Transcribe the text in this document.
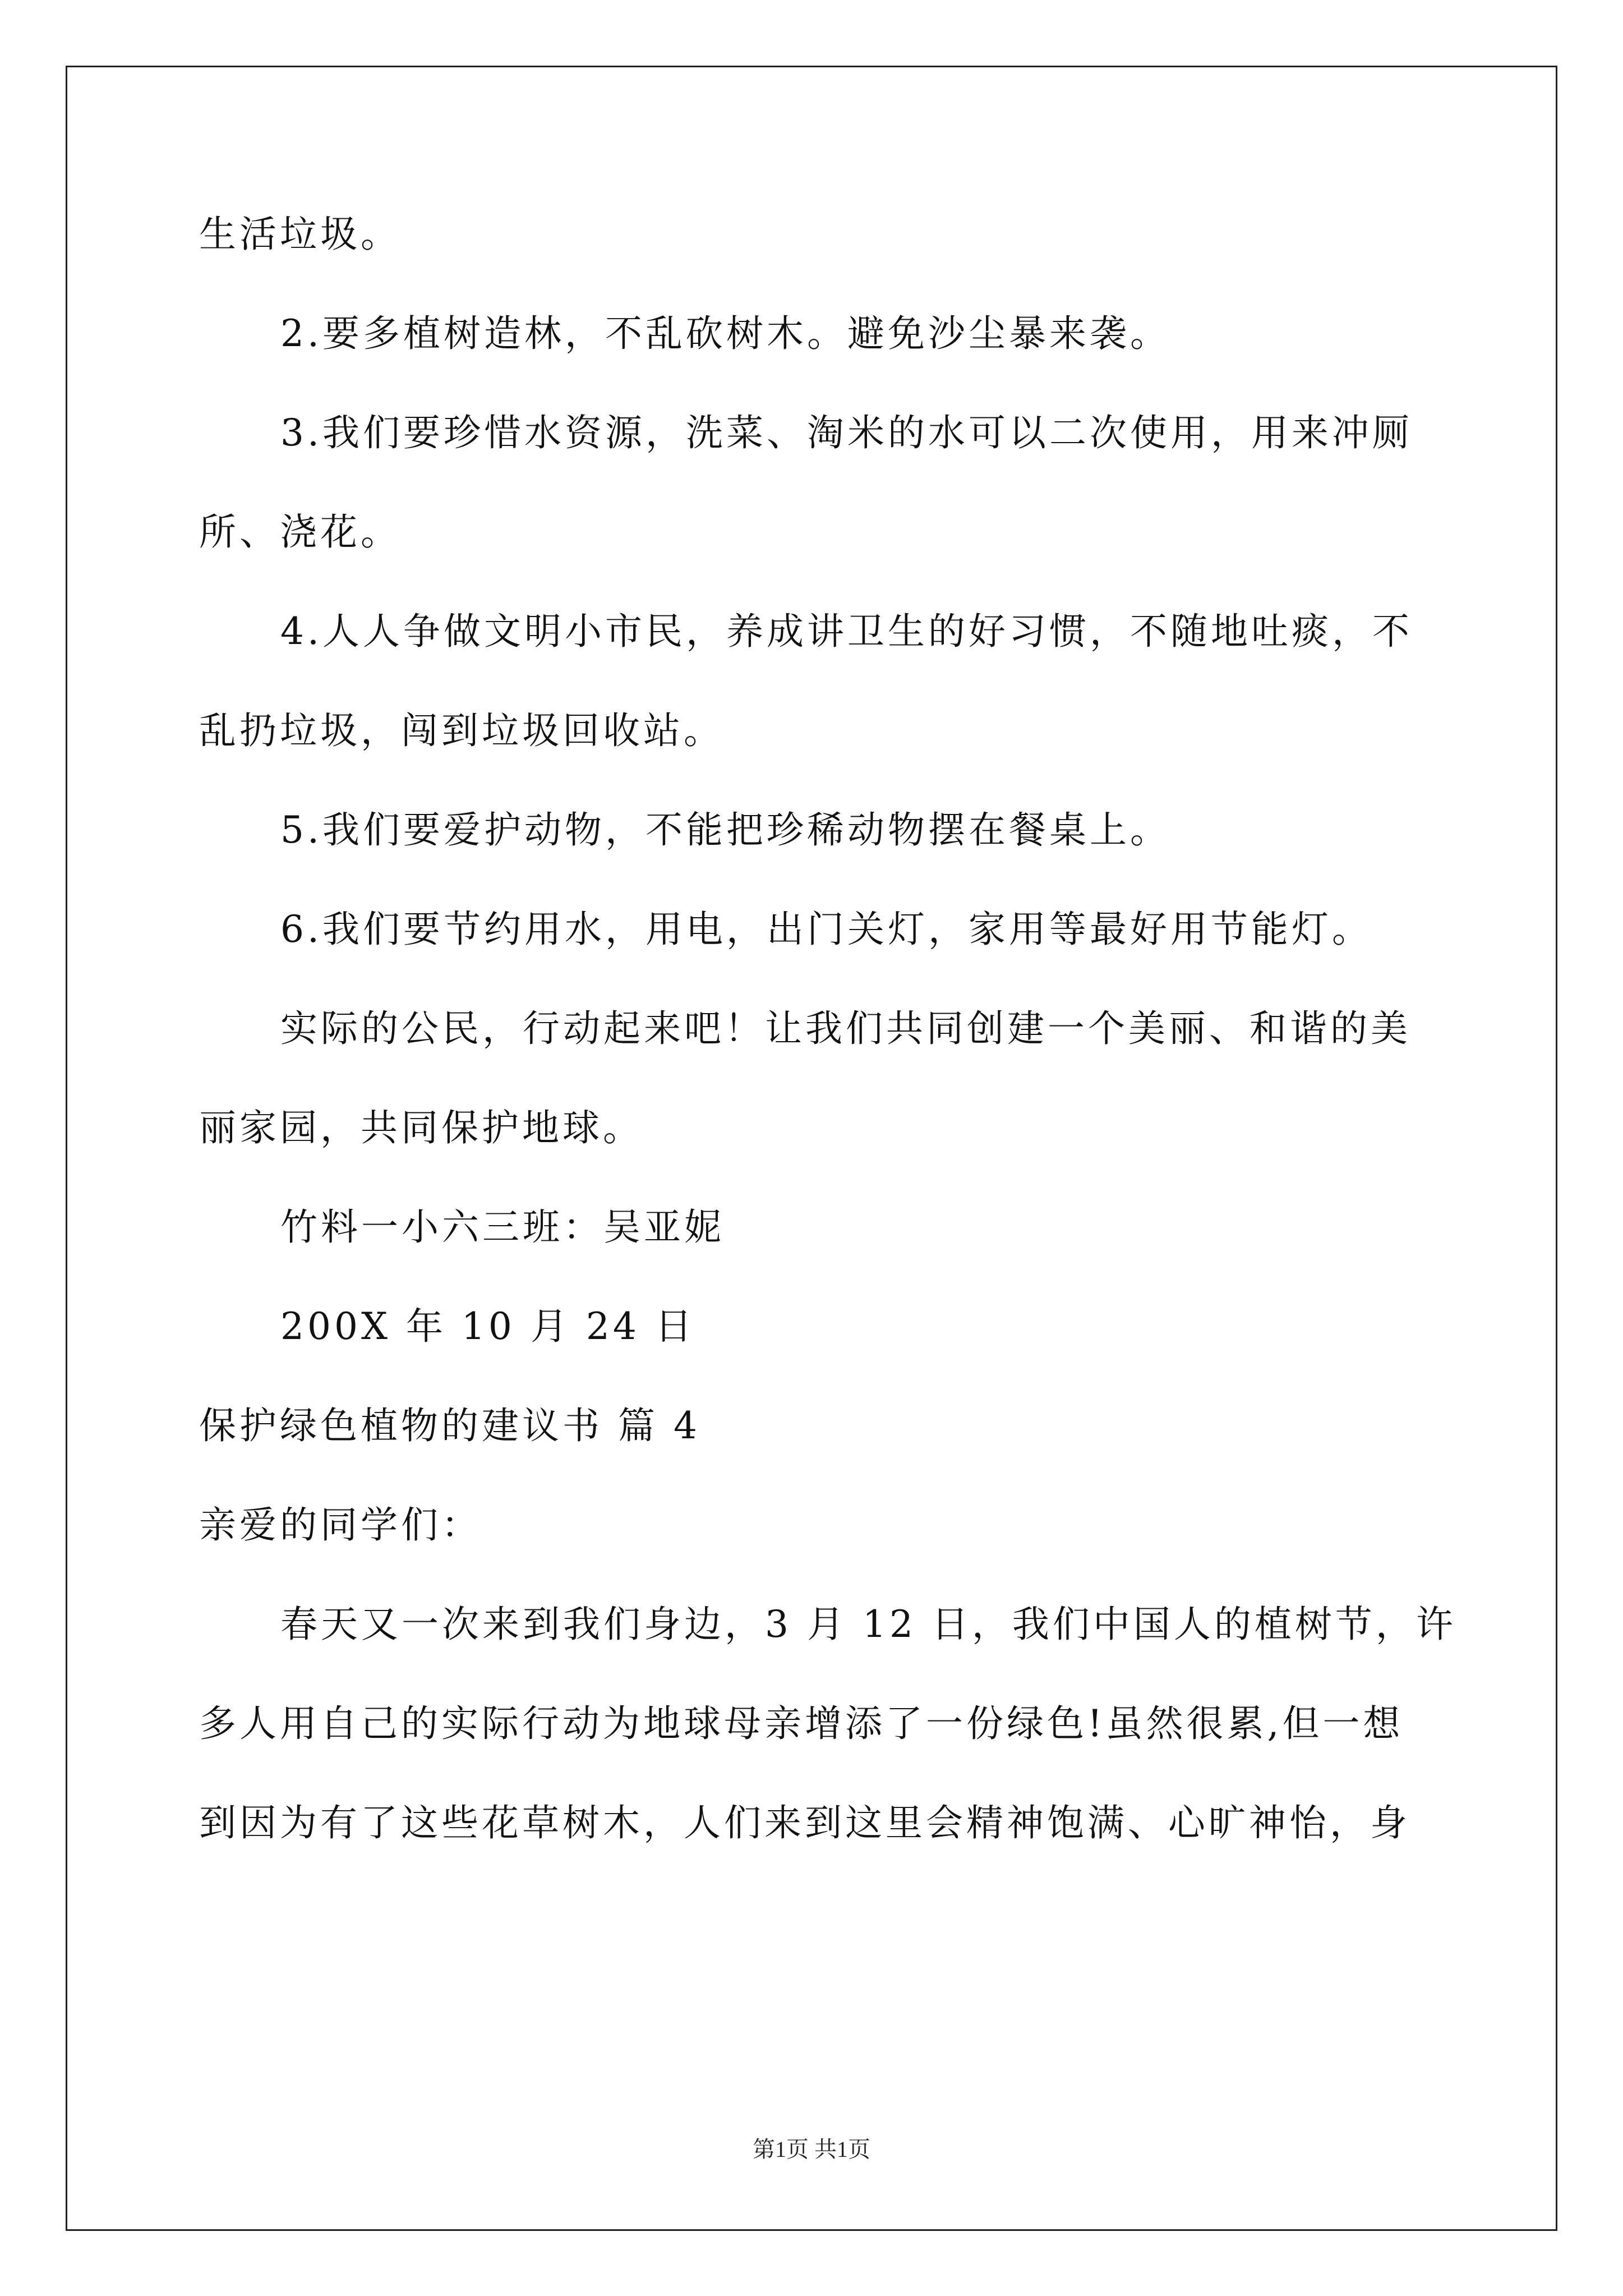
生活垃圾。
2.要多植树造林，不乱砍树木。避免沙尘暴来袭。
3.我们要珍惜水资源，洗菜、淘米的水可以二次使用，用来冲厕
所、浇花。
4.人人争做文明小市民，养成讲卫生的好习惯，不随地吐痰，不
乱扔垃圾，闯到垃圾回收站。
5.我们要爱护动物，不能把珍稀动物摆在餐桌上。
6.我们要节约用水，用电，出门关灯，家用等最好用节能灯。
实际的公民，行动起来吧！让我们共同创建一个美丽、和谐的美
丽家园，共同保护地球。
竹料一小六三班：吴亚妮
200X 年 10 月 24 日
保护绿色植物的建议书 篇 4
亲爱的同学们：
春天又一次来到我们身边，3 月 12 日，我们中国人的植树节，许
多人用自己的实际行动为地球母亲增添了一份绿色!虽然很累,但一想
到因为有了这些花草树木，人们来到这里会精神饱满、心旷神怡，身
第1页 共1页
